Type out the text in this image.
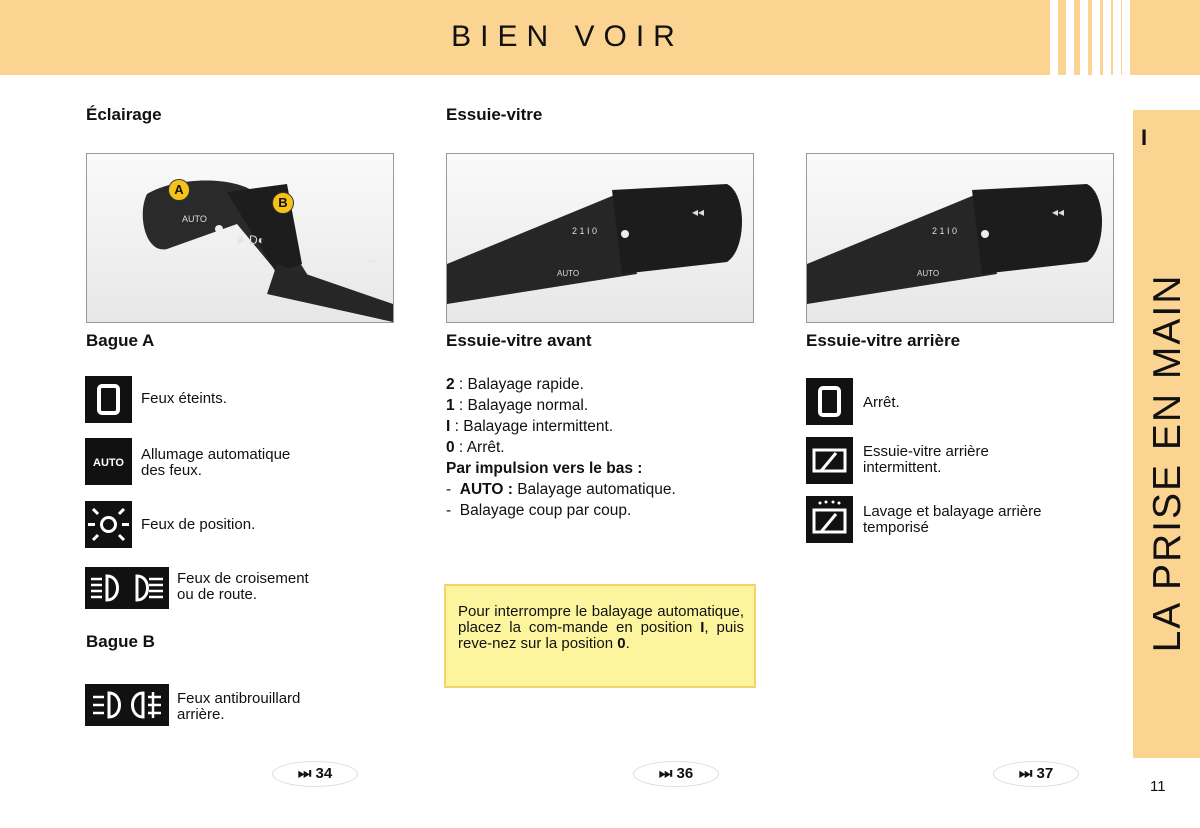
BIEN VOIR
I
LA PRISE EN MAIN
11
Éclairage	Essuie-vitre
AUTO
≢D◐
⇔
A
B
AUTO
2 1 I 0
◂◂
AUTO
2 1 I 0
◂◂
Bague A
Feux éteints.
AUTO Allumage automatique
des feux.
Feux de position.
Feux de croisement
ou de route.
Bague B
Feux antibrouillard
arrière.
Essuie-vitre avant
2 : Balayage rapide.
1 : Balayage normal.
I : Balayage intermittent.
0 : Arrêt.
Par impulsion vers le bas :
- AUTO : Balayage automatique.
- Balayage coup par coup.

Pour interrompre le balayage automatique, placez la com-mande en position I, puis reve-nez sur la position 0.

Essuie-vitre arrière
Arrêt.
Essuie-vitre arrière
intermittent.
Lavage et balayage arrière
temporisé
⏭ 34	⏭ 36	⏭ 37
